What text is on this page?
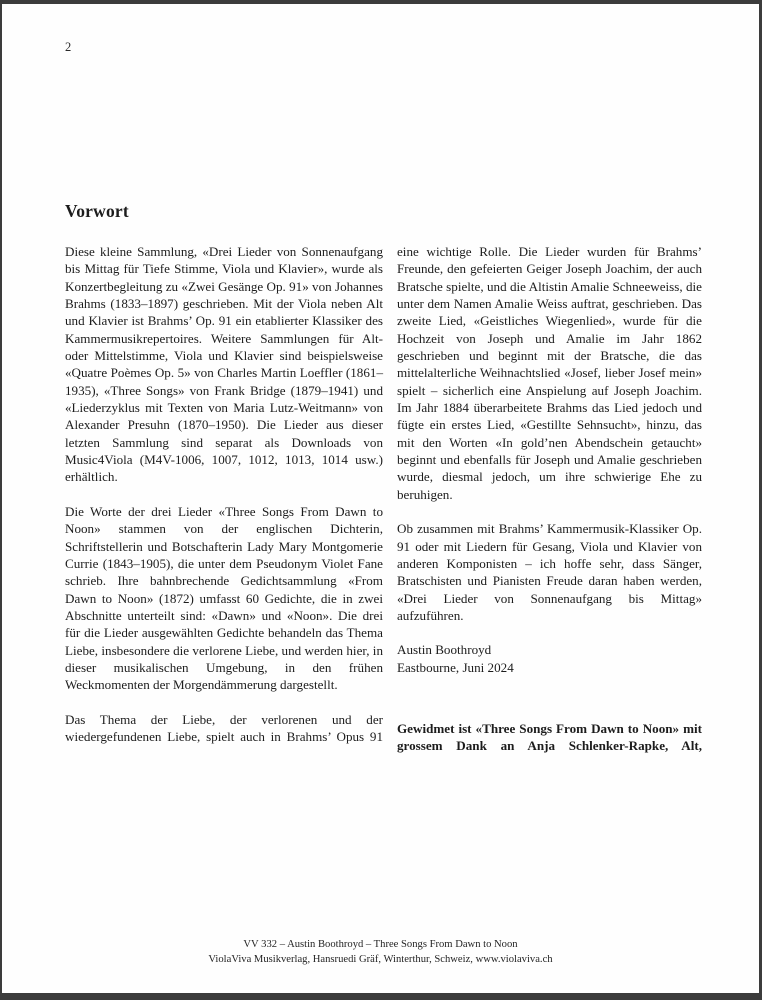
2
Vorwort

Diese kleine Sammlung, «Drei Lieder von Sonnenaufgang bis Mittag für Tiefe Stimme, Viola und Klavier», wurde als Konzertbegleitung zu «Zwei Gesänge Op. 91» von Johannes Brahms (1833–1897) geschrieben. Mit der Viola neben Alt und Klavier ist Brahms’ Op. 91 ein etablierter Klassiker des Kammermusikrepertoires. Weitere Sammlungen für Alt- oder Mittelstimme, Viola und Klavier sind beispielsweise «Quatre Poèmes Op. 5» von Charles Martin Loeffler (1861–1935), «Three Songs» von Frank Bridge (1879–1941) und «Liederzyklus mit Texten von Maria Lutz-Weitmann» von Alexander Presuhn (1870–1950). Die Lieder aus dieser letzten Sammlung sind separat als Downloads von Music4Viola (M4V-1006, 1007, 1012, 1013, 1014 usw.) erhältlich.

Die Worte der drei Lieder «Three Songs From Dawn to Noon» stammen von der englischen Dichterin, Schriftstellerin und Botschafterin Lady Mary Montgomerie Currie (1843–1905), die unter dem Pseudonym Violet Fane schrieb. Ihre bahnbrechende Gedichtsammlung «From Dawn to Noon» (1872) umfasst 60 Gedichte, die in zwei Abschnitte unterteilt sind: «Dawn» und «Noon». Die drei für die Lieder ausgewählten Gedichte behandeln das Thema Liebe, insbesondere die verlorene Liebe, und werden hier, in dieser musikalischen Umgebung, in den frühen Weckmomenten der Morgendämmerung dargestellt.

Das Thema der Liebe, der verlorenen und der wiedergefundenen Liebe, spielt auch in Brahms’ Opus 91

eine wichtige Rolle. Die Lieder wurden für Brahms’ Freunde, den gefeierten Geiger Joseph Joachim, der auch Bratsche spielte, und die Altistin Amalie Schneeweiss, die unter dem Namen Amalie Weiss auftrat, geschrieben. Das zweite Lied, «Geistliches Wiegenlied», wurde für die Hochzeit von Joseph und Amalie im Jahr 1862 geschrieben und beginnt mit der Bratsche, die das mittelalterliche Weihnachtslied «Josef, lieber Josef mein» spielt – sicherlich eine Anspielung auf Joseph Joachim. Im Jahr 1884 überarbeitete Brahms das Lied jedoch und fügte ein erstes Lied, «Gestillte Sehnsucht», hinzu, das mit den Worten «In gold’nen Abendschein getaucht» beginnt und ebenfalls für Joseph und Amalie geschrieben wurde, diesmal jedoch, um ihre schwierige Ehe zu beruhigen.

Ob zusammen mit Brahms’ Kammermusik-Klassiker Op. 91 oder mit Liedern für Gesang, Viola und Klavier von anderen Komponisten – ich hoffe sehr, dass Sänger, Bratschisten und Pianisten Freude daran haben werden, «Drei Lieder von Sonnenaufgang bis Mittag» aufzuführen.

Austin Boothroyd
Eastbourne, Juni 2024
Gewidmet ist «Three Songs From Dawn to Noon» mit grossem Dank an Anja Schlenker-Rapke, Alt,
VV 332 – Austin Boothroyd – Three Songs From Dawn to Noon
ViolaViva Musikverlag, Hansruedi Gräf, Winterthur, Schweiz, www.violaviva.ch
